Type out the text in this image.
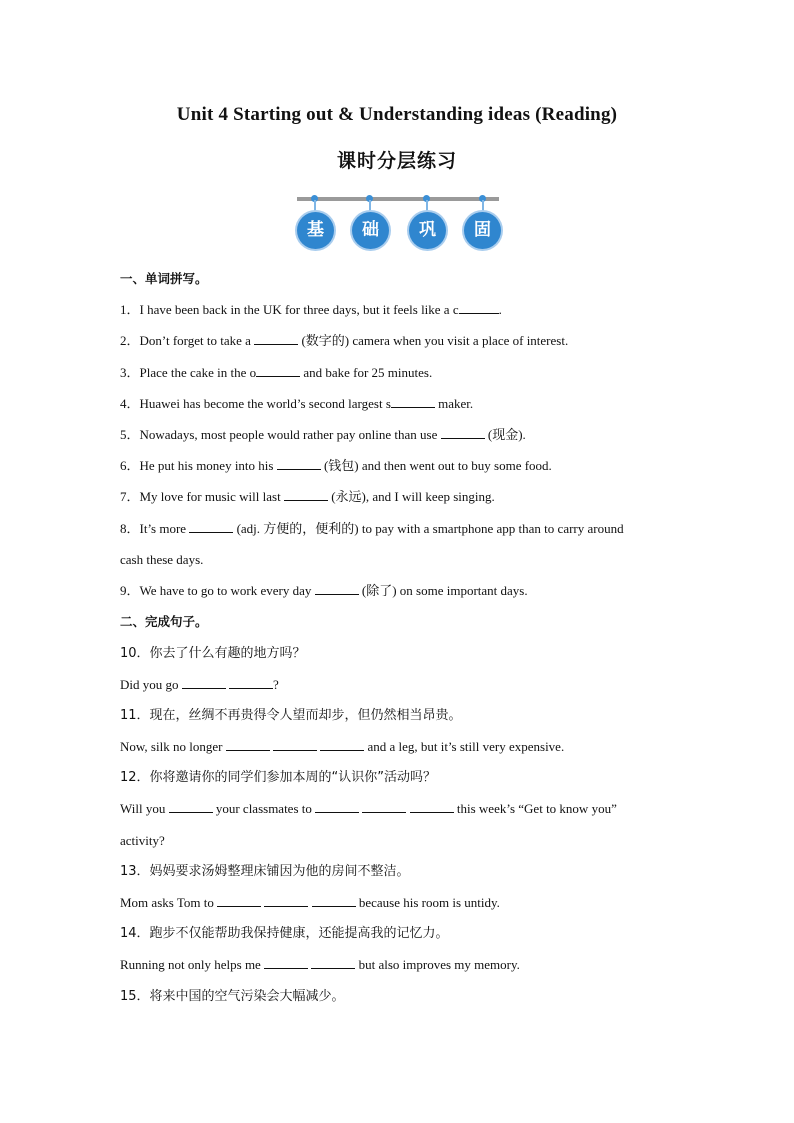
Unit 4 Starting out & Understanding ideas (Reading)
课时分层练习
基	础	巩	固
一、单词拼写。
1．I have been back in the UK for three days, but it feels like a c	.
2．Don’t forget to take a	(数字的) camera when you visit a place of interest.
3．Place the cake in the o	and bake for 25 minutes.
4．Huawei has become the world’s second largest s	maker.
5．Nowadays, most people would rather pay online than use	(现金).
6．He put his money into his	(钱包) and then went out to buy some food.
7．My love for music will last	(永远), and I will keep singing.
8．It’s more	(adj. 方便的，便利的) to pay with a smartphone app than to carry around
cash these days.
9．We have to go to work every day	(除了) on some important days.
二、完成句子。
10．你去了什么有趣的地方吗？
Did you go	?
11．现在，丝绸不再贵得令人望而却步，但仍然相当昂贵。
Now, silk no longer	and a leg, but it’s still very expensive.
12．你将邀请你的同学们参加本周的“认识你”活动吗？
Will you	your classmates to	this week’s “Get to know you”
activity?
13．妈妈要求汤姆整理床铺因为他的房间不整洁。
Mom asks Tom to	because his room is untidy.
14．跑步不仅能帮助我保持健康，还能提高我的记忆力。
Running not only helps me	but also improves my memory.
15．将来中国的空气污染会大幅减少。
